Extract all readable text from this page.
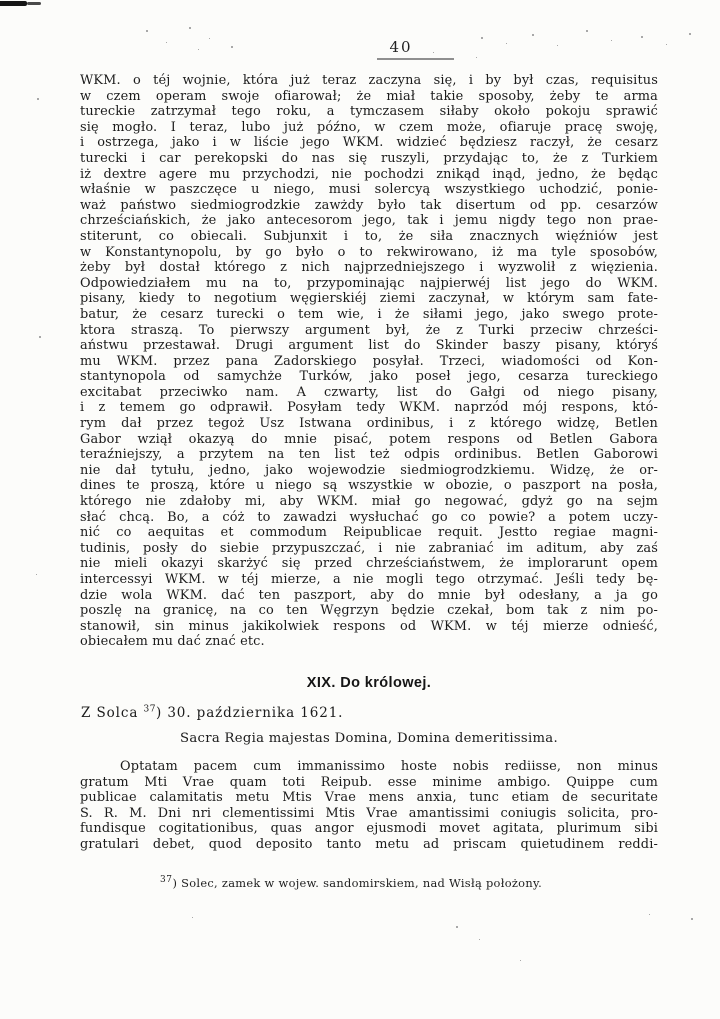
40
WKM. o téj wojnie, która już teraz zaczyna się, i by był czas, requisitus
w czem operam swoje ofiarował; że miał takie sposoby, żeby te arma
tureckie zatrzymał tego roku, a tymczasem siłaby około pokoju sprawić
się mogło. I teraz, lubo już późno, w czem może, ofiaruje pracę swoję,
i ostrzega, jako i w liście jego WKM. widzieć będziesz raczył, że cesarz
turecki i car perekopski do nas się ruszyli, przydając to, że z Turkiem
iż dextre agere mu przychodzi, nie pochodzi znikąd inąd, jedno, że będąc
właśnie w paszczęce u niego, musi solercyą wszystkiego uchodzić, ponie-
waż państwo siedmiogrodzkie zawżdy było tak disertum od pp. cesarzów
chrześciańskich, że jako antecesorom jego, tak i jemu nigdy tego non prae-
stiterunt, co obiecali. Subjunxit i to, że siła znacznych więźniów jest
w Konstantynopolu, by go było o to rekwirowano, iż ma tyle sposobów,
żeby był dostał którego z nich najprzedniejszego i wyzwolił z więzienia.
Odpowiedziałem mu na to, przypominając najpierwéj list jego do WKM.
pisany, kiedy to negotium węgierskiéj ziemi zaczynał, w którym sam fate-
batur, że cesarz turecki o tem wie, i że siłami jego, jako swego prote-
ktora straszą. To pierwszy argument był, że z Turki przeciw chrześci-
aństwu przestawał. Drugi argument list do Skinder baszy pisany, któryś
mu WKM. przez pana Zadorskiego posyłał. Trzeci, wiadomości od Kon-
stantynopola od samychże Turków, jako poseł jego, cesarza tureckiego
excitabat przeciwko nam. A czwarty, list do Gałgi od niego pisany,
i z temem go odprawił. Posyłam tedy WKM. naprzód mój respons, któ-
rym dał przez tegoż Usz Istwana ordinibus, i z którego widzę, Betlen
Gabor wziął okazyą do mnie pisać, potem respons od Betlen Gabora
teraźniejszy, a przytem na ten list też odpis ordinibus. Betlen Gaborowi
nie dał tytułu, jedno, jako wojewodzie siedmiogrodzkiemu. Widzę, że or-
dines te proszą, które u niego są wszystkie w obozie, o paszport na posła,
którego nie zdałoby mi, aby WKM. miał go negować, gdyż go na sejm
słać chcą. Bo, a cóż to zawadzi wysłuchać go co powie? a potem uczy-
nić co aequitas et commodum Reipublicae requit. Jestto regiae magni-
tudinis, posły do siebie przypuszczać, i nie zabraniać im aditum, aby zaś
nie mieli okazyi skarżyć się przed chrześciaństwem, że implorarunt opem
intercessyi WKM. w téj mierze, a nie mogli tego otrzymać. Jeśli tedy bę-
dzie wola WKM. dać ten paszport, aby do mnie był odesłany, a ja go
poszlę na granicę, na co ten Węgrzyn będzie czekał, bom tak z nim po-
stanowił, sin minus jakikolwiek respons od WKM. w téj mierze odnieść,
obiecałem mu dać znać etc.
XIX. Do królowej.
Z Solca $^{37}$) 30. października 1621.
Sacra Regia majestas Domina, Domina demeritissima.
Optatam pacem cum immanissimo hoste nobis rediisse, non minus
gratum Mti Vrae quam toti Reipub. esse minime ambigo. Quippe cum
publicae calamitatis metu Mtis Vrae mens anxia, tunc etiam de securitate
S. R. M. Dni nri clementissimi Mtis Vrae amantissimi coniugis solicita, pro-
fundisque cogitationibus, quas angor ejusmodi movet agitata, plurimum sibi
gratulari debet, quod deposito tanto metu ad priscam quietudinem reddi-
$^{37}$) Solec, zamek w wojew. sandomirskiem, nad Wisłą położony.
